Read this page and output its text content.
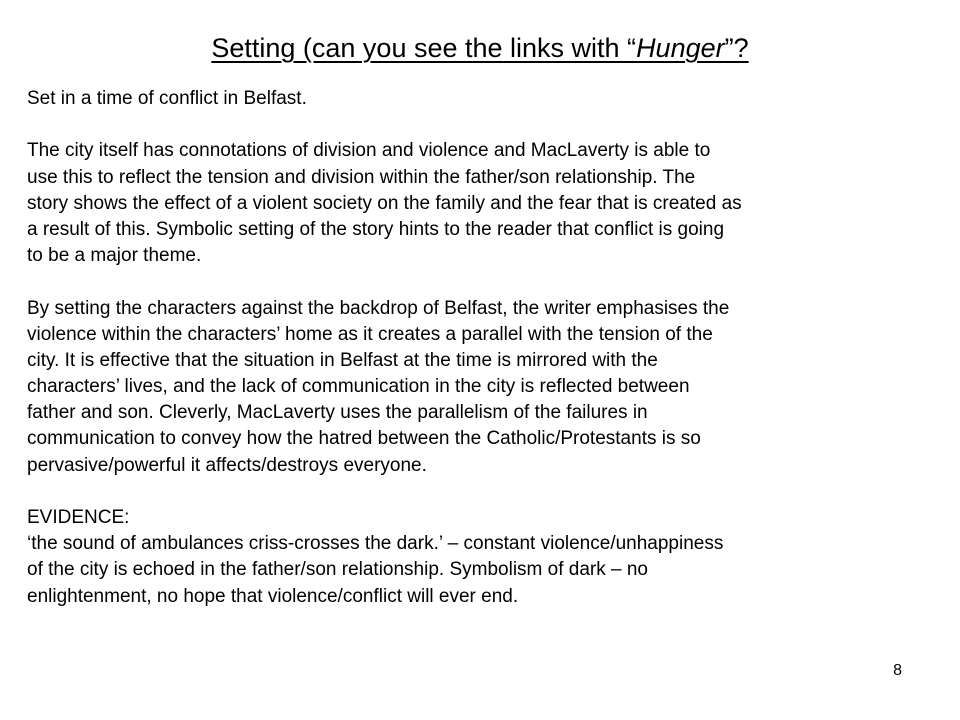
Setting (can you see the links with “Hunger”?
Set in a time of conflict in Belfast.
The city itself has connotations of division and violence and MacLaverty is able to
use this to reflect the tension and division within the father/son relationship. The
story shows the effect of a violent society on the family and the fear that is created as
a result of this. Symbolic setting of the story hints to the reader that conflict is going
to be a major theme.
By setting the characters against the backdrop of Belfast, the writer emphasises the
violence within the characters’ home as it creates a parallel with the tension of the
city. It is effective that the situation in Belfast at the time is mirrored with the
characters’ lives, and the lack of communication in the city is reflected between
father and son. Cleverly, MacLaverty uses the parallelism of the failures in
communication to convey how the hatred between the Catholic/Protestants is so
pervasive/powerful it affects/destroys everyone.
EVIDENCE:
‘the sound of ambulances criss-crosses the dark.’ – constant violence/unhappiness
of the city is echoed in the father/son relationship. Symbolism of dark – no
enlightenment, no hope that violence/conflict will ever end.
8
